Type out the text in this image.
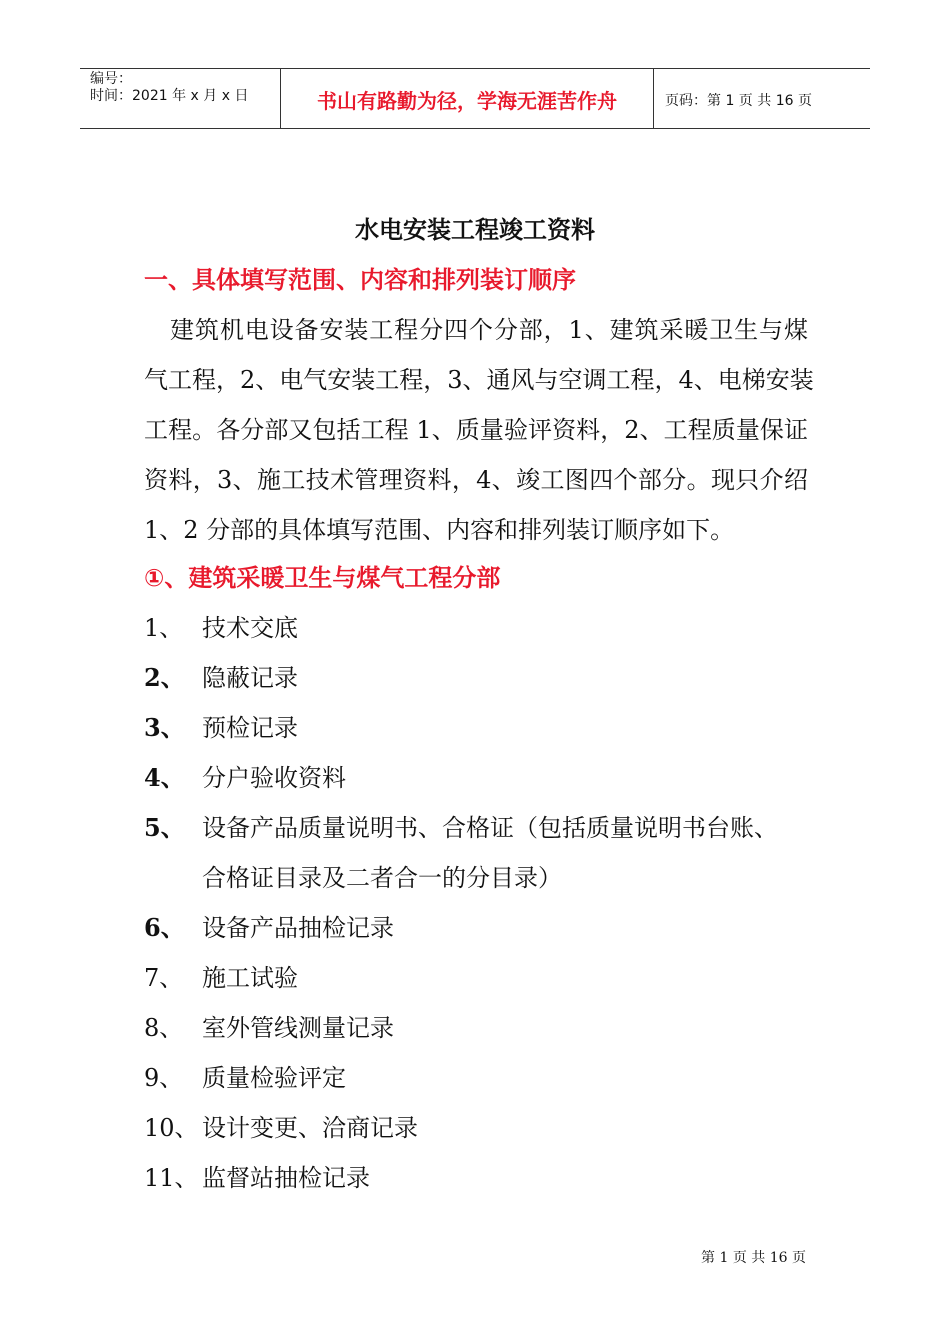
编号：
时间：2021 年 x 月 x 日	书山有路勤为径，学海无涯苦作舟	页码：第 1 页 共 16 页
水电安装工程竣工资料
一、具体填写范围、内容和排列装订顺序

建筑机电设备安装工程分四个分部，1、建筑采暖卫生与煤
气工程，2、电气安装工程，3、通风与空调工程，4、电梯安装
工程。各分部又包括工程 1、质量验评资料，2、工程质量保证
资料，3、施工技术管理资料，4、竣工图四个部分。现只介绍
1、2 分部的具体填写范围、内容和排列装订顺序如下。

①、建筑采暖卫生与煤气工程分部
1、 技术交底
2、 隐蔽记录
3、 预检记录
4、 分户验收资料
5、 设备产品质量说明书、合格证（包括质量说明书台账、
合格证目录及二者合一的分目录）
6、 设备产品抽检记录
7、 施工试验
8、 室外管线测量记录
9、 质量检验评定
10、 设计变更、洽商记录
11、 监督站抽检记录
第 1 页 共 16 页
